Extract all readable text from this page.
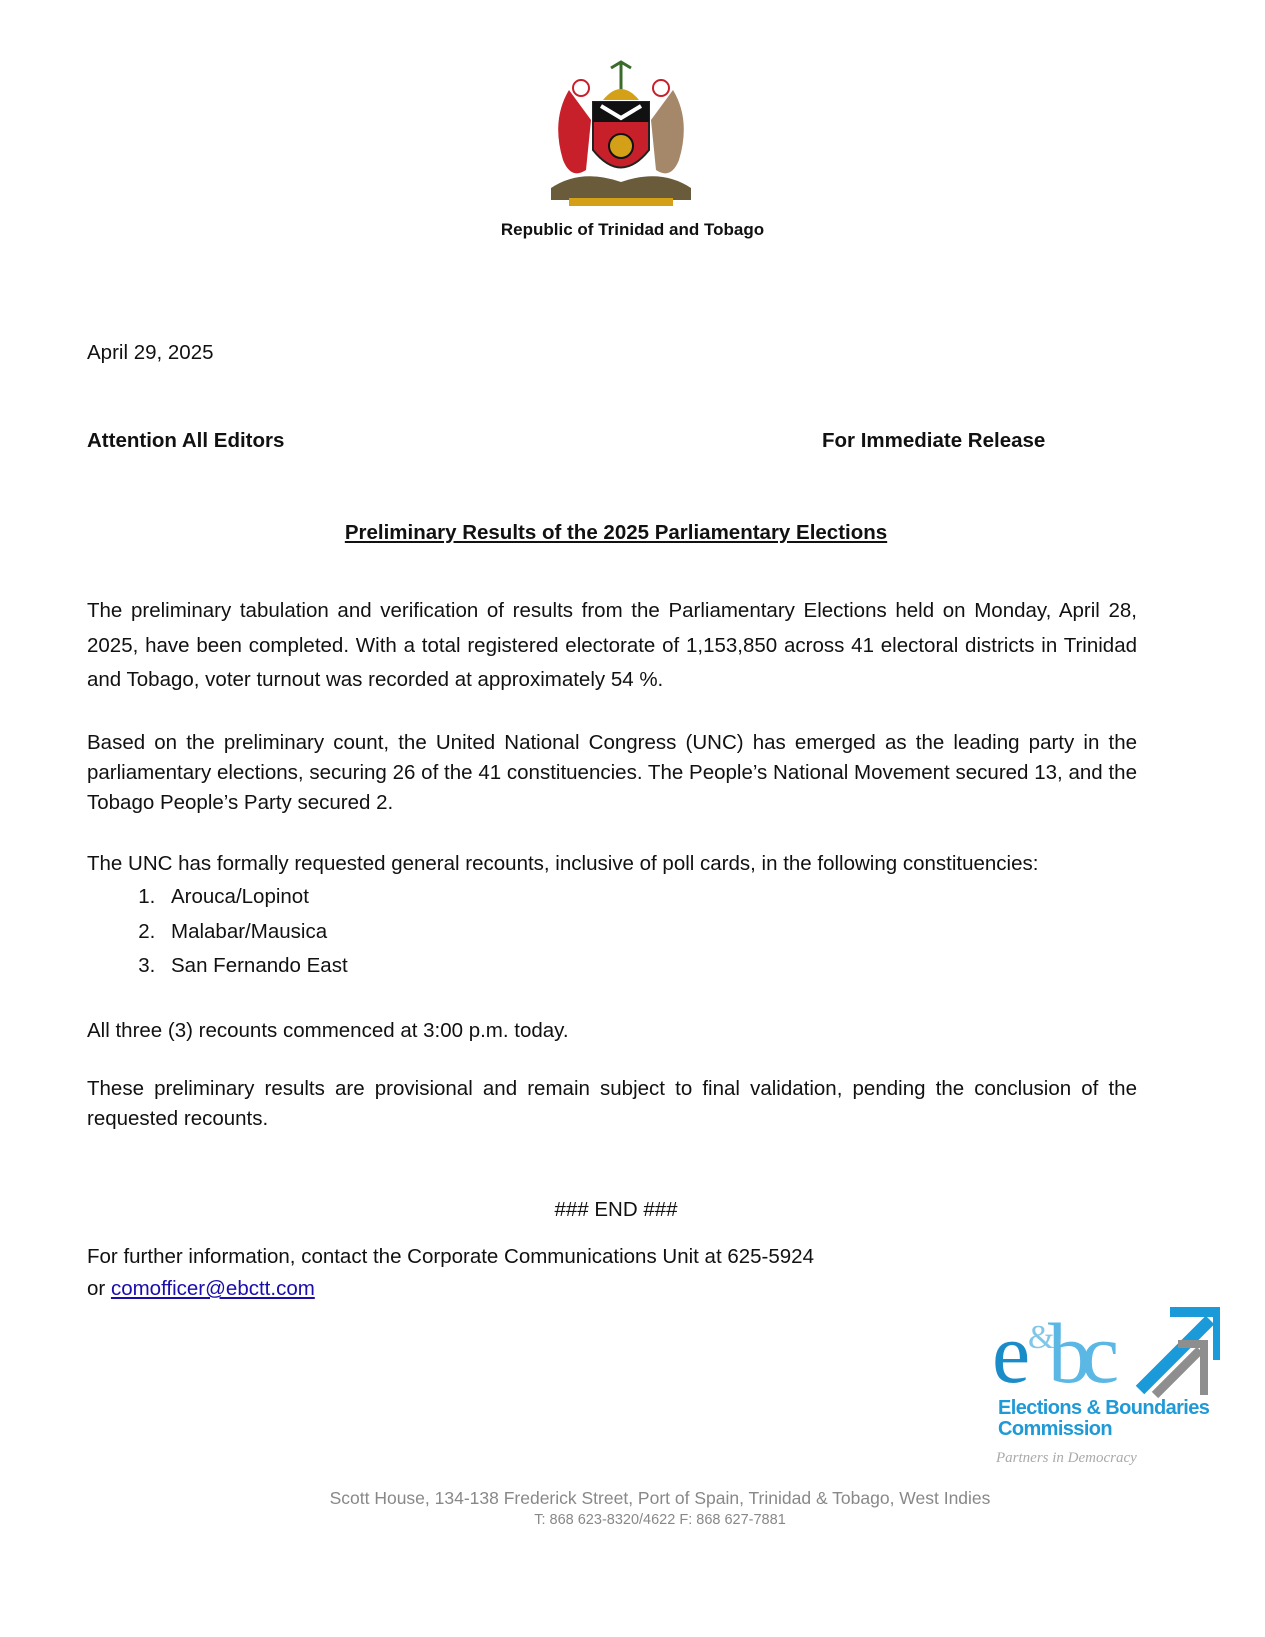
Republic of Trinidad and Tobago
April 29, 2025
Attention All Editors	For Immediate Release
Preliminary Results of the 2025 Parliamentary Elections
The preliminary tabulation and verification of results from the Parliamentary Elections held on Monday, April 28, 2025, have been completed. With a total registered electorate of 1,153,850 across 41 electoral districts in Trinidad and Tobago, voter turnout was recorded at approximately 54 %.
Based on the preliminary count, the United National Congress (UNC) has emerged as the leading party in the parliamentary elections, securing 26 of the 41 constituencies. The People’s National Movement secured 13, and the Tobago People’s Party secured 2.
The UNC has formally requested general recounts, inclusive of poll cards, in the following constituencies:
1. Arouca/Lopinot
2. Malabar/Mausica
3. San Fernando East
All three (3) recounts commenced at 3:00 p.m. today.
These preliminary results are provisional and remain subject to final validation, pending the conclusion of the requested recounts.
### END ###
For further information, contact the Corporate Communications Unit at 625-5924
or comofficer@ebctt.com
e &
bc
Elections & Boundaries
Commission
Partners in Democracy
Scott House, 134-138 Frederick Street, Port of Spain, Trinidad & Tobago, West Indies
T: 868 623-8320/4622 F: 868 627-7881
